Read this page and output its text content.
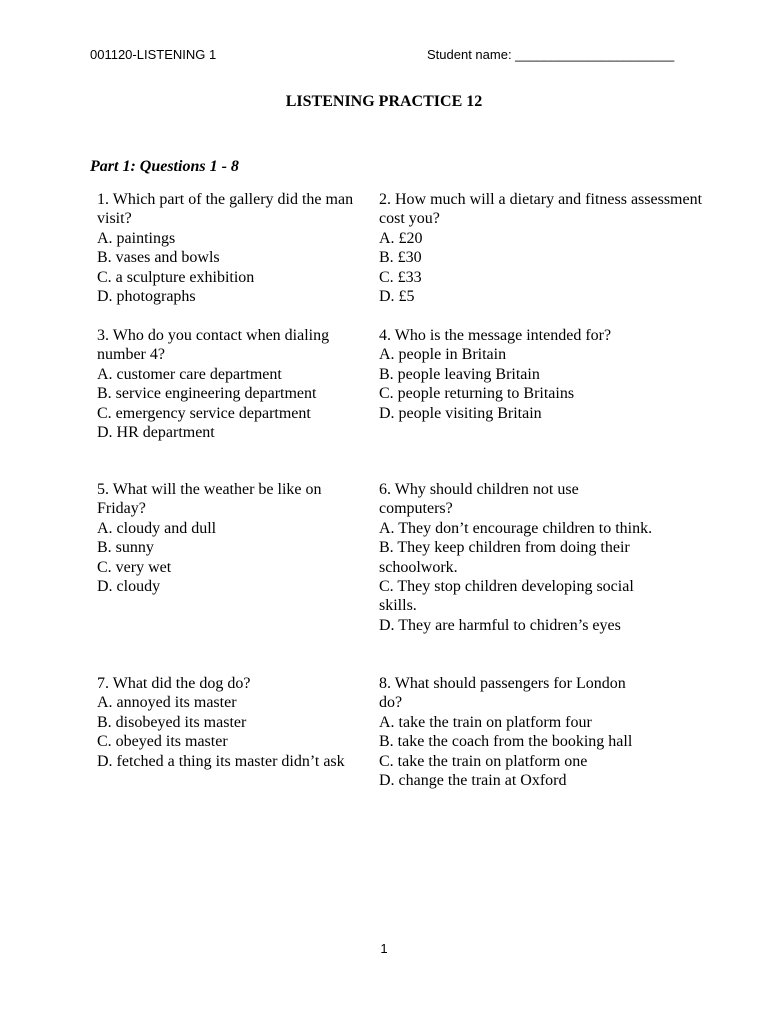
001120-LISTENING 1	Student name: ______________________
LISTENING PRACTICE 12
Part 1: Questions 1 - 8
1. Which part of the gallery did the man visit?
A. paintings
B. vases and bowls
C. a sculpture exhibition
D. photographs
2. How much will a dietary and fitness assessment cost you?
A. £20
B. £30
C. £33
D. £5
3. Who do you contact when dialing number 4?
A. customer care department
B. service engineering department
C. emergency service department
D. HR department
4. Who is the message intended for?
A. people in Britain
B. people leaving Britain
C. people returning to Britains
D. people visiting Britain
5. What will the weather be like on Friday?
A. cloudy and dull
B. sunny
C. very wet
D. cloudy
6. Why should children not use computers?
A. They don’t encourage children to think.
B. They keep children from doing their schoolwork.
C. They stop children developing social skills.
D. They are harmful to chidren’s eyes
7. What did the dog do?
A. annoyed its master
B. disobeyed its master
C. obeyed its master
D. fetched a thing its master didn’t ask
8. What should passengers for London do?
A. take the train on platform four
B. take the coach from the booking hall
C. take the train on platform one
D. change the train at Oxford
1
